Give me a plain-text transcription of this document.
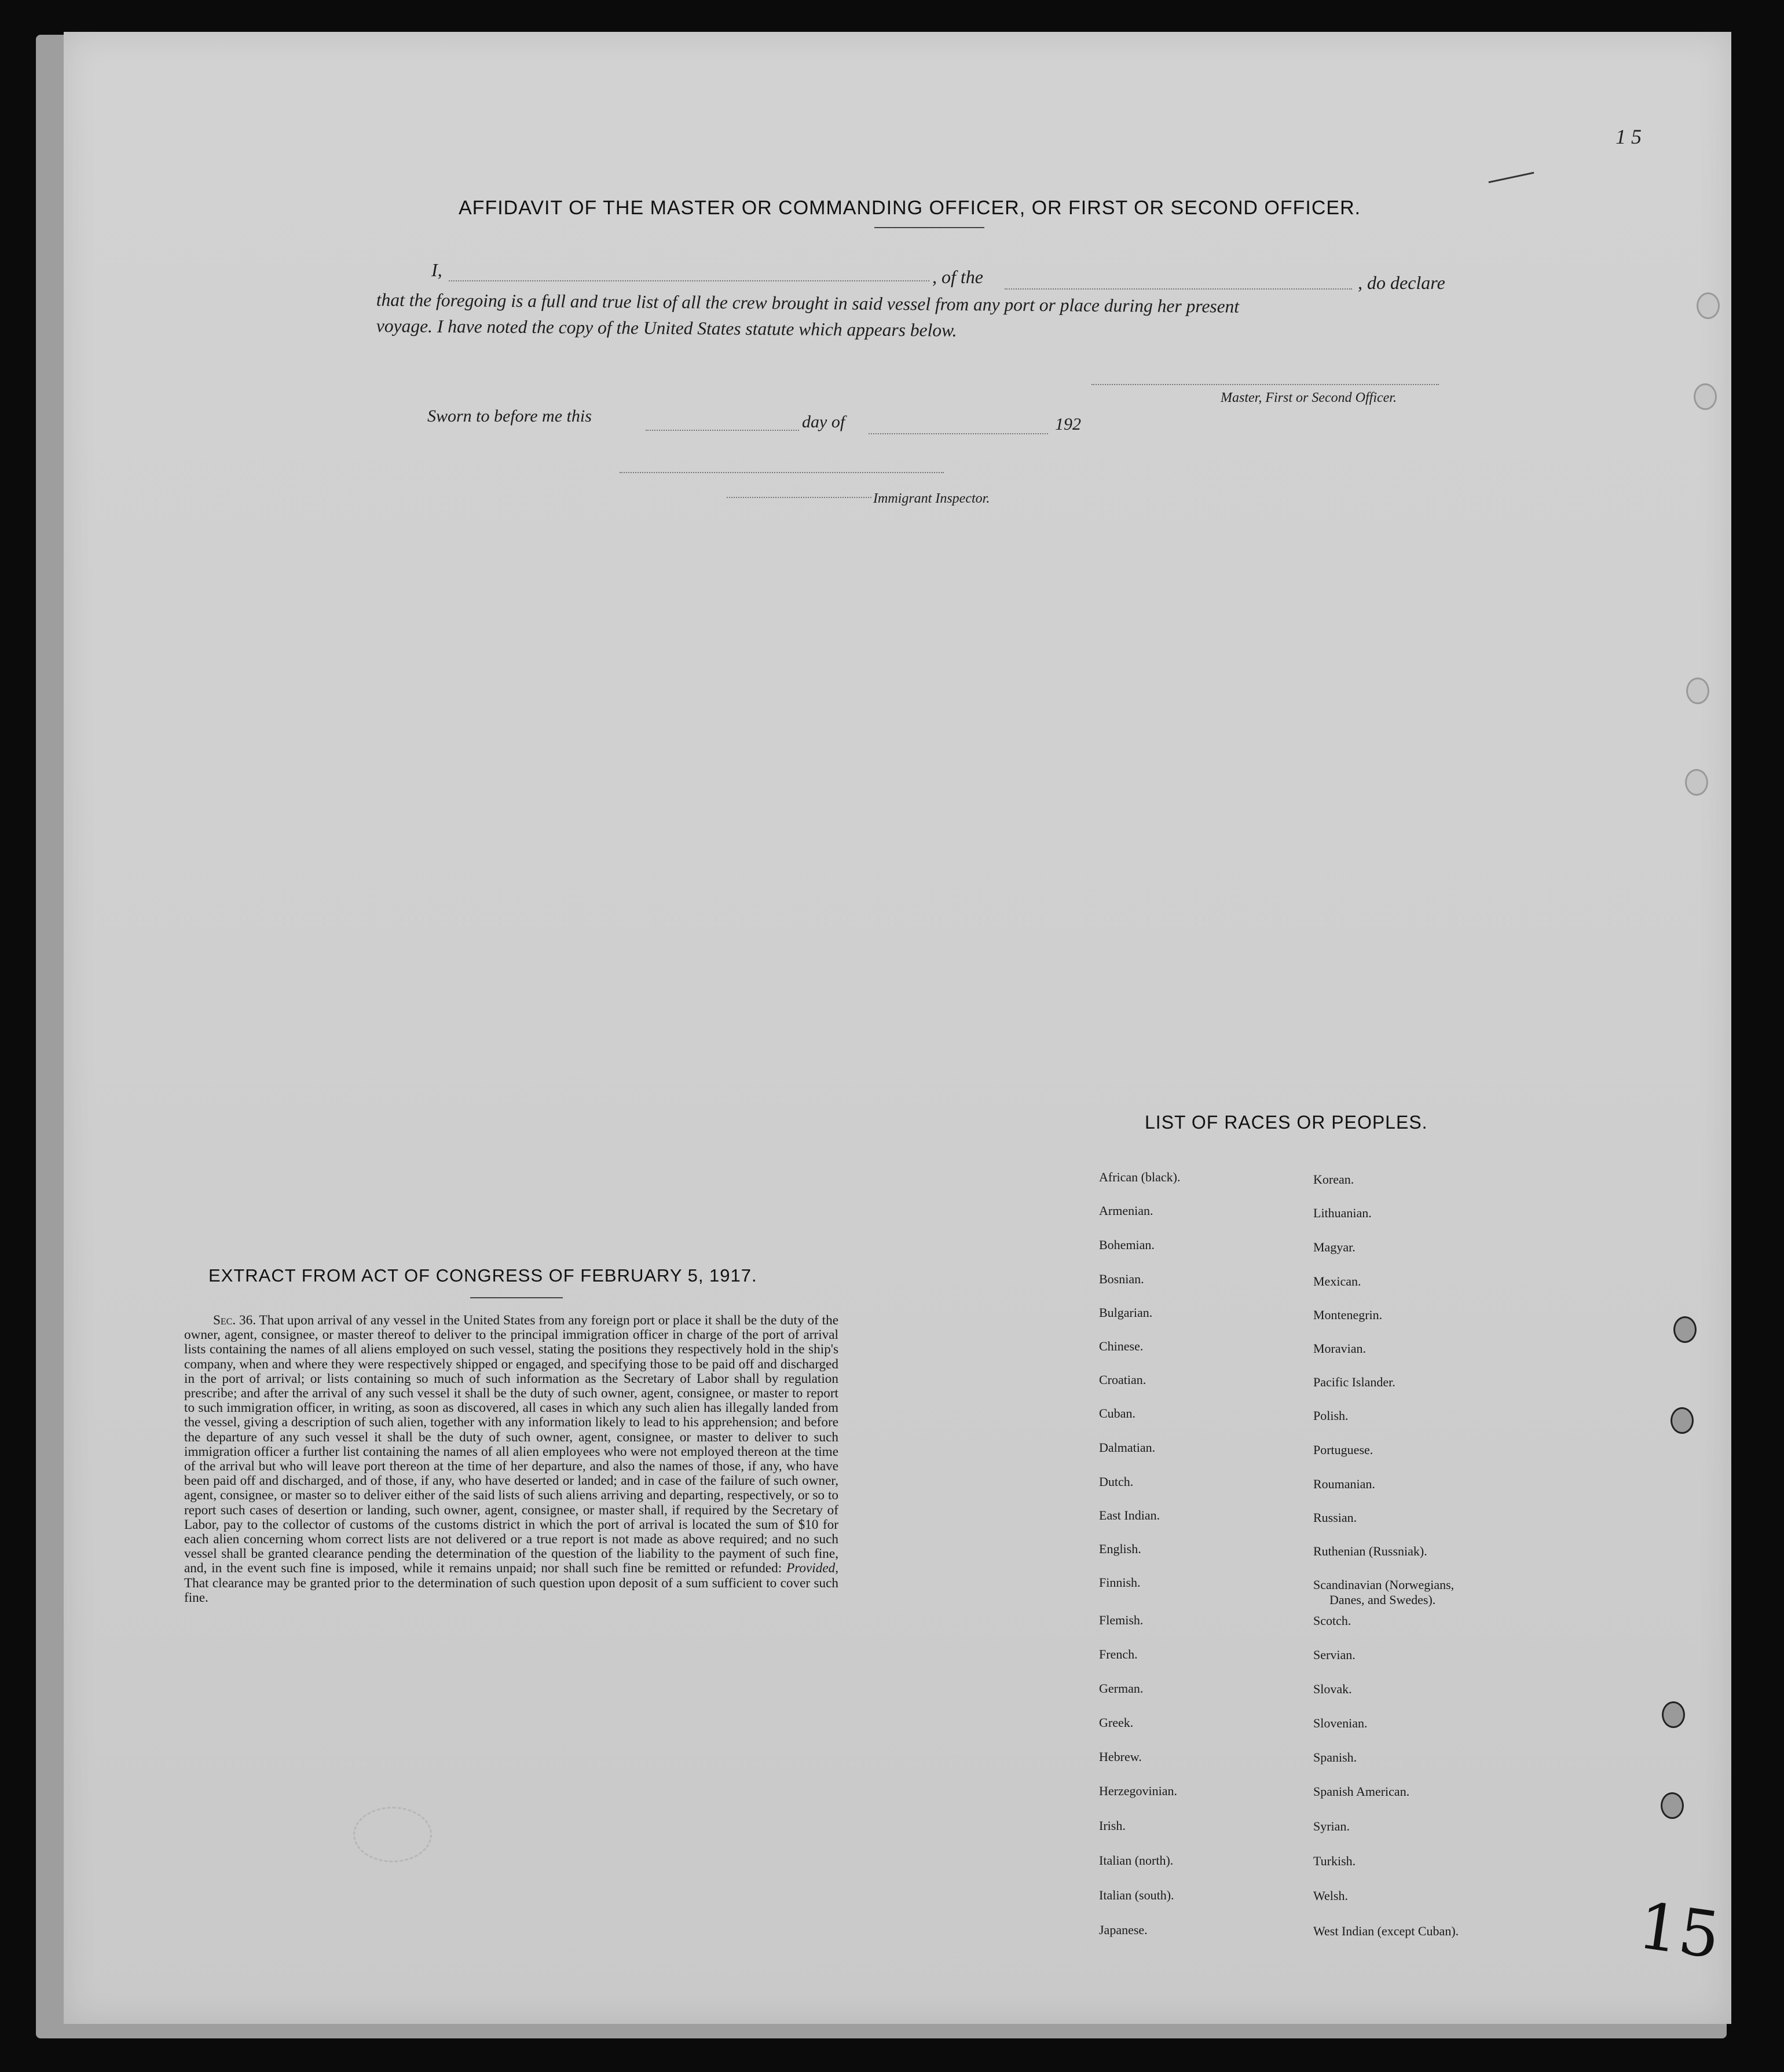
1 5
AFFIDAVIT OF THE MASTER OR COMMANDING OFFICER, OR FIRST OR SECOND OFFICER.
I,	, of the	, do declare
that the foregoing is a full and true list of all the crew brought in said vessel from any port or place during her present
voyage. I have noted the copy of the United States statute which appears below.
Master, First or Second Officer.
Sworn to before me this	day of	192
Immigrant Inspector.
LIST OF RACES OR PEOPLES.
African (black).
Armenian.
Bohemian.
Bosnian.
Bulgarian.
Chinese.
Croatian.
Cuban.
Dalmatian.
Dutch.
East Indian.
English.
Finnish.
Flemish.
French.
German.
Greek.
Hebrew.
Herzegovinian.
Irish.
Italian (north).
Italian (south).
Japanese.
Korean.
Lithuanian.
Magyar.
Mexican.
Montenegrin.
Moravian.
Pacific Islander.
Polish.
Portuguese.
Roumanian.
Russian.
Ruthenian (Russniak).
Scandinavian (Norwegians,
Danes, and Swedes).
Scotch.
Servian.
Slovak.
Slovenian.
Spanish.
Spanish American.
Syrian.
Turkish.
Welsh.
West Indian (except Cuban).
EXTRACT FROM ACT OF CONGRESS OF FEBRUARY 5, 1917.
Sec. 36. That upon arrival of any vessel in the United States from any foreign port or place it shall be the duty of the owner, agent, consignee, or master thereof to deliver to the principal immigration officer in charge of the port of arrival lists containing the names of all aliens employed on such vessel, stating the positions they respectively hold in the ship's company, when and where they were respectively shipped or engaged, and specifying those to be paid off and discharged in the port of arrival; or lists containing so much of such information as the Secretary of Labor shall by regulation prescribe; and after the arrival of any such vessel it shall be the duty of such owner, agent, consignee, or master to report to such immigration officer, in writing, as soon as discovered, all cases in which any such alien has illegally landed from the vessel, giving a description of such alien, together with any information likely to lead to his apprehension; and before the departure of any such vessel it shall be the duty of such owner, agent, consignee, or master to deliver to such immigration officer a further list containing the names of all alien employees who were not employed thereon at the time of the arrival but who will leave port thereon at the time of her departure, and also the names of those, if any, who have been paid off and discharged, and of those, if any, who have deserted or landed; and in case of the failure of such owner, agent, consignee, or master so to deliver either of the said lists of such aliens arriving and departing, respectively, or so to report such cases of desertion or landing, such owner, agent, consignee, or master shall, if required by the Secretary of Labor, pay to the collector of customs of the customs district in which the port of arrival is located the sum of $10 for each alien concerning whom correct lists are not delivered or a true report is not made as above required; and no such vessel shall be granted clearance pending the determination of the question of the liability to the payment of such fine, and, in the event such fine is imposed, while it remains unpaid; nor shall such fine be remitted or refunded: Provided, That clearance may be granted prior to the determination of such question upon deposit of a sum sufficient to cover such fine.
15
